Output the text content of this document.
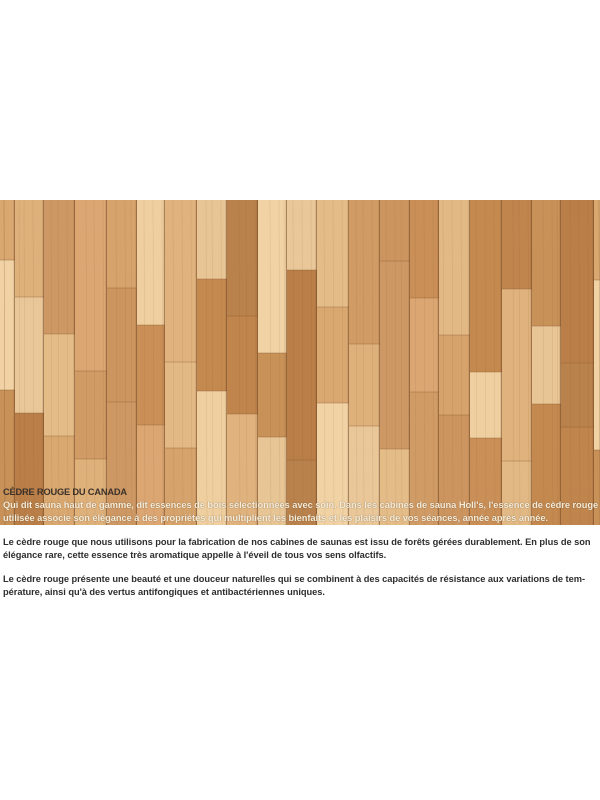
CÈDRE ROUGE DU CANADA
Qui dit sauna haut de gamme, dit essences de bois sélectionnées avec soin. Dans les cabines de sauna Holl's, l'essence de cèdre rouge utilisée associe son élégance à des propriétés qui multiplient les bienfaits et les plaisirs de vos séances, année après année.
Le cèdre rouge que nous utilisons pour la fabrication de nos cabines de saunas est issu de forêts gérées durablement. En plus de son élégance rare, cette essence très aromatique appelle à l'éveil de tous vos sens olfactifs.
Le cèdre rouge présente une beauté et une douceur naturelles qui se combinent à des capacités de résistance aux variations de tem-pérature, ainsi qu'à des vertus antifongiques et antibactériennes uniques.
